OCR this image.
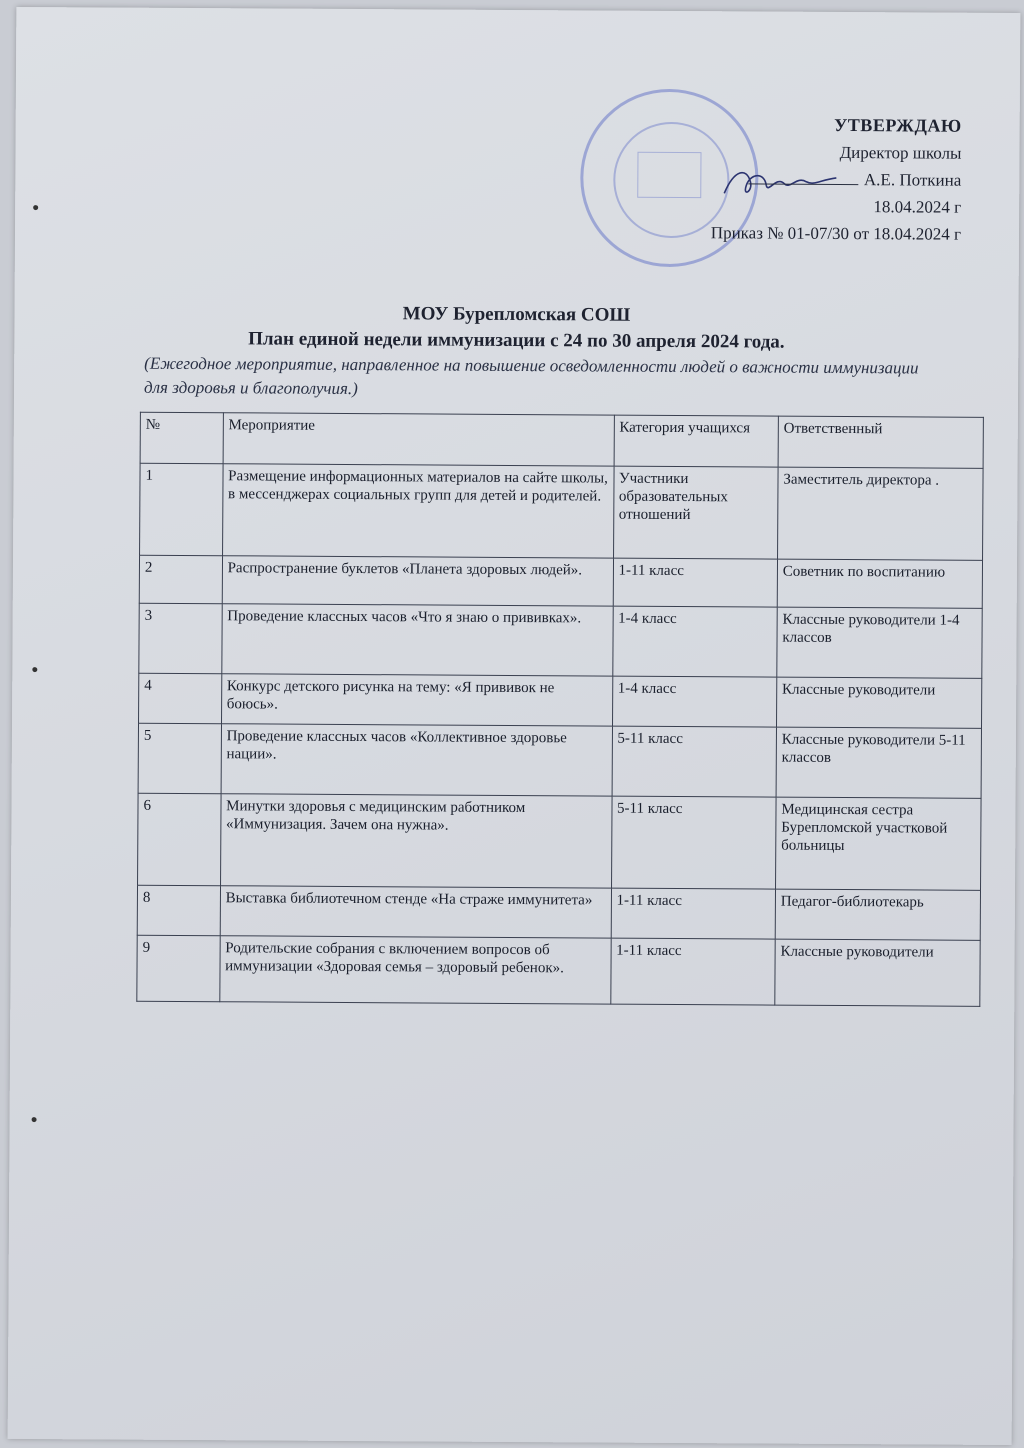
УТВЕРЖДАЮ
Директор школы
А.Е. Поткина
18.04.2024 г
Приказ № 01-07/30 от 18.04.2024 г
МОУ Бурепломская СОШ
План единой недели иммунизации с 24 по 30 апреля 2024 года.
(Ежегодное мероприятие, направленное на повышение осведомленности людей о важности иммунизации для здоровья и благополучия.)
№	Мероприятие	Категория учащихся	Ответственный
1	Размещение информационных материалов на сайте школы, в мессенджерах социальных групп для детей и родителей.	Участники образовательных отношений	Заместитель директора .
2	Распространение буклетов «Планета здоровых людей».	1-11 класс	Советник по воспитанию
3	Проведение классных часов «Что я знаю о прививках».	1-4 класс	Классные руководители 1-4 классов
4	Конкурс детского рисунка на тему: «Я прививок не боюсь».	1-4 класс	Классные руководители
5	Проведение классных часов «Коллективное здоровье нации».	5-11 класс	Классные руководители 5-11 классов
6	Минутки здоровья с медицинским работником «Иммунизация. Зачем она нужна».	5-11 класс	Медицинская сестра Бурепломской участковой больницы
8	Выставка библиотечном стенде «На страже иммунитета»	1-11 класс	Педагог-библиотекарь
9	Родительские собрания с включением вопросов об иммунизации «Здоровая семья – здоровый ребенок».	1-11 класс	Классные руководители
